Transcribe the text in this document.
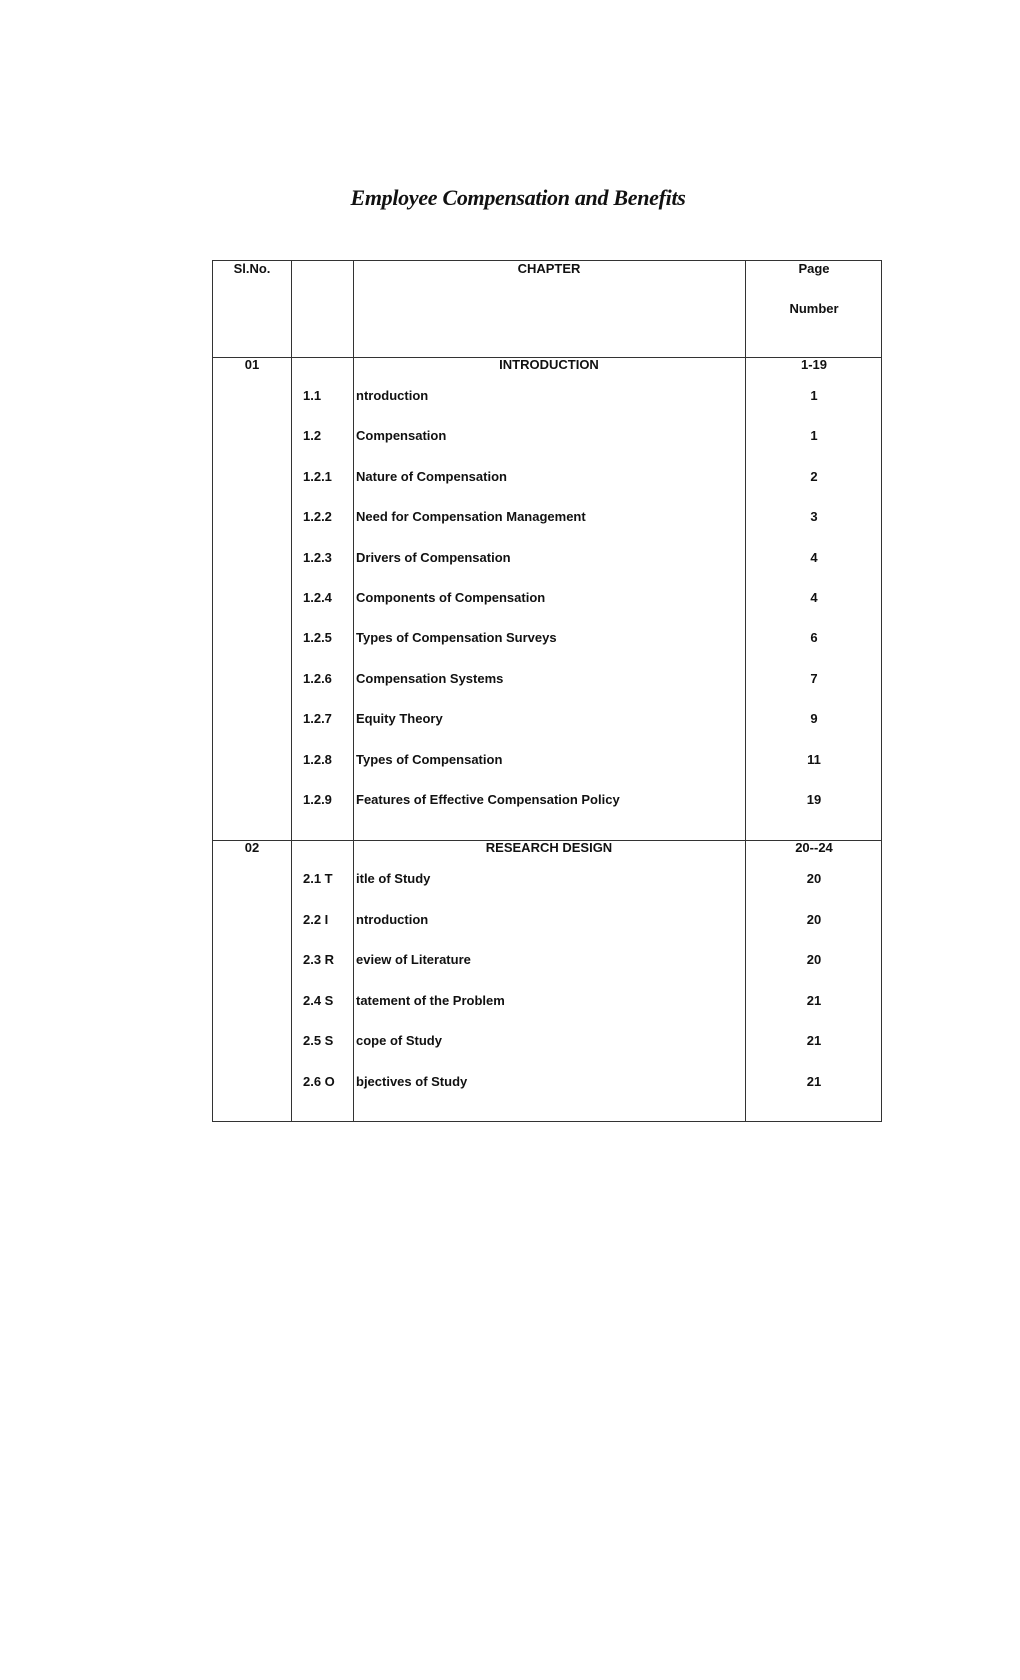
Employee Compensation and Benefits
Sl.No.	CHAPTER	Page
Number
01	INTRODUCTION	1-19
1.1	ntroduction	1
1.2	Compensation	1
1.2.1 Nature of Compensation	2
1.2.2 Need for Compensation Management	3
1.2.3 Drivers of Compensation	4
1.2.4 Components of Compensation	4
1.2.5 Types of Compensation Surveys	6
1.2.6 Compensation Systems	7
1.2.7 Equity Theory	9
1.2.8 Types of Compensation	11
1.2.9 Features of Effective Compensation Policy	19
02	RESEARCH DESIGN	20--24
2.1 T itle of Study	20
2.2 I ntroduction	20
2.3 R eview of Literature	20
2.4 S tatement of the Problem	21
2.5 S cope of Study	21
2.6 O bjectives of Study	21
